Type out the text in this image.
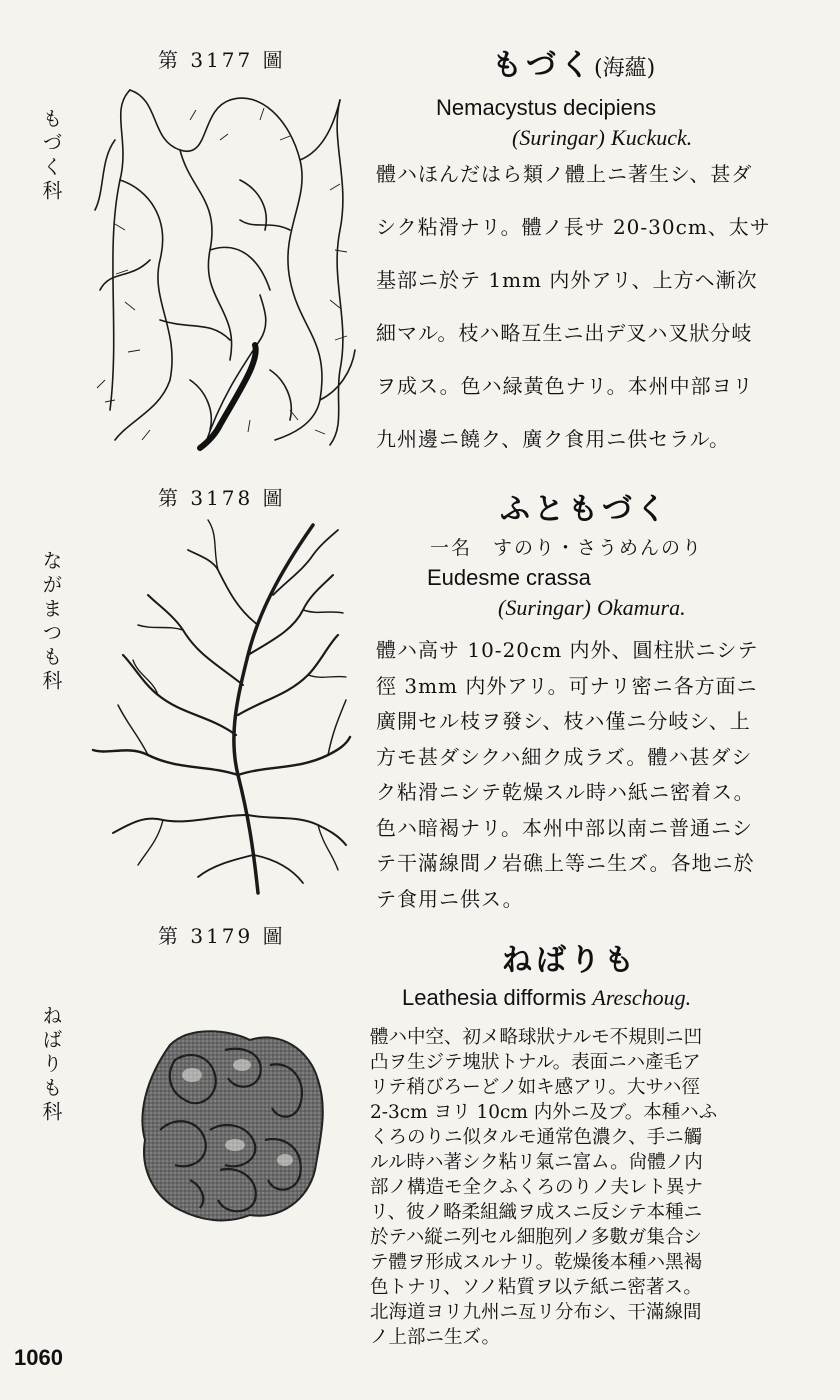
第 3177 圖
もづく科
もづく(海蘊)
Nemacystus decipiens
(Suringar) Kuckuck.
體ハほんだはら類ノ體上ニ著生シ、甚ダ
シク粘滑ナリ。體ノ長サ 20-30cm、太サ
基部ニ於テ 1mm 内外アリ、上方ヘ漸次
細マル。枝ハ略互生ニ出デ叉ハ叉狀分岐
ヲ成ス。色ハ緑黃色ナリ。本州中部ヨリ
九州邊ニ饒ク、廣ク食用ニ供セラル。
第 3178 圖
ながまつも科
ふともづく
一名　すのり・さうめんのり
Eudesme crassa
(Suringar) Okamura.
體ハ高サ 10-20cm 内外、圓柱狀ニシテ
徑 3mm 内外アリ。可ナリ密ニ各方面ニ
廣開セル枝ヲ發シ、枝ハ僅ニ分岐シ、上
方モ甚ダシクハ細ク成ラズ。體ハ甚ダシ
ク粘滑ニシテ乾燥スル時ハ紙ニ密着ス。
色ハ暗褐ナリ。本州中部以南ニ普通ニシ
テ干滿線間ノ岩礁上等ニ生ズ。各地ニ於
テ食用ニ供ス。
第 3179 圖
ねばりも科
ねばりも
Leathesia difformis Areschoug.
體ハ中空、初メ略球狀ナルモ不規則ニ凹
凸ヲ生ジテ塊狀トナル。表面ニハ產毛ア
リテ稍びろーどノ如キ感アリ。大サハ徑
2-3cm ヨリ 10cm 内外ニ及ブ。本種ハふ
くろのりニ似タルモ通常色濃ク、手ニ觸
ルル時ハ著シク粘リ氣ニ富ム。尙體ノ内
部ノ構造モ全クふくろのりノ夫レト異ナ
リ、彼ノ略柔組織ヲ成スニ反シテ本種ニ
於テハ縦ニ列セル細胞列ノ多數ガ集合シ
テ體ヲ形成スルナリ。乾燥後本種ハ黑褐
色トナリ、ソノ粘質ヲ以テ紙ニ密著ス。
北海道ヨリ九州ニ亙リ分布シ、干滿線間
ノ上部ニ生ズ。
1060
